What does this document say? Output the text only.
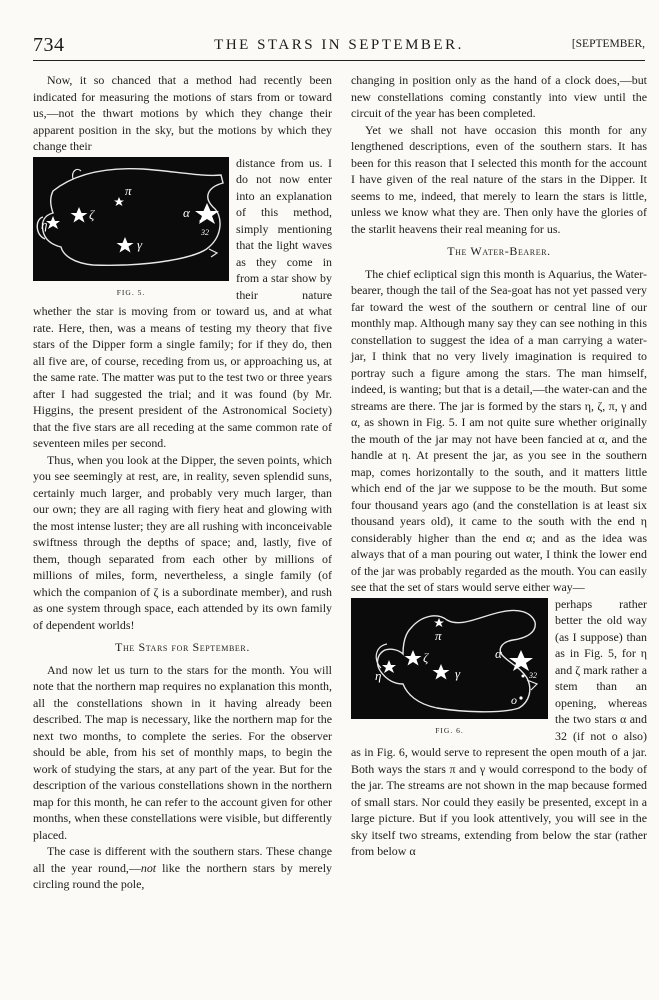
734	THE STARS IN SEPTEMBER.	[SEPTEMBER,

Now, it so chanced that a method had recently been indicated for measuring the motions of stars from or toward us,—not the thwart motions by which they change their apparent position in the sky, but the motions by which they change their

η
ζ
π
γ
α
32
FIG. 5.

distance from us. I do not now enter into an explanation of this method, simply mentioning that the light waves as they come in from a star show by their nature whether the star is moving from or toward us, and at what rate. Here, then, was a means of testing my theory that five stars of the Dipper form a single family; for if they do, then all five are, of course, receding from us, or approaching us, at the same rate. The matter was put to the test two or three years after I had suggested the trial; and it was found (by Mr. Higgins, the present president of the Astronomical Society) that the five stars are all receding at the same common rate of seventeen miles per second.

Thus, when you look at the Dipper, the seven points, which you see seemingly at rest, are, in reality, seven splendid suns, certainly much larger, and probably very much larger, than our own; they are all raging with fiery heat and glowing with the most intense luster; they are all rushing with inconceivable swiftness through the depths of space; and, lastly, five of them, though separated from each other by millions of millions of miles, form, nevertheless, a single family (of which the companion of ζ is a subordinate member), and rush as one system through space, each attended by its own family of dependent worlds!

The Stars for September.

And now let us turn to the stars for the month. You will note that the northern map requires no explanation this month, all the constellations shown in it having already been described. The map is necessary, like the northern map for the next two months, to complete the series. For the observer should be able, from his set of monthly maps, to begin the work of studying the stars, at any part of the year. But for the description of the various constellations shown in the northern map for this month, he can refer to the account given for other months, when these constellations were visible, but differently placed.

The case is different with the southern stars. These change all the year round,—not like the northern stars by merely circling round the pole,

changing in position only as the hand of a clock does,—but new constellations coming constantly into view until the circuit of the year has been completed.

Yet we shall not have occasion this month for any lengthened descriptions, even of the southern stars. It has been for this reason that I selected this month for the account I have given of the real nature of the stars in the Dipper. It seems to me, indeed, that merely to learn the stars is little, unless we know what they are. Then only have the glories of the starlit heavens their real meaning for us.

The Water-Bearer.

The chief ecliptical sign this month is Aquarius, the Water-bearer, though the tail of the Sea-goat has not yet passed very far toward the west of the southern or central line of our monthly map. Although many say they can see nothing in this constellation to suggest the idea of a man carrying a water-jar, I think that no very lively imagination is required to portray such a figure among the stars. The man himself, indeed, is wanting; but that is a detail,—the water-can and the streams are there. The jar is formed by the stars η, ζ, π, γ and α, as shown in Fig. 5. I am not quite sure whether originally the mouth of the jar may not have been fancied at α, and the handle at η. At present the jar, as you see in the southern map, comes horizontally to the south, and it matters little which end of the jar we suppose to be the mouth. But some four thousand years ago (and the constellation is at least six thousand years old), it came to the south with the end η considerably higher than the end α; and as the idea was always that of a man pouring out water, I think the lower end of the jar was probably regarded as the mouth. You can easily see that the set of stars would serve either way—

η
ζ
π
γ
α
32
o
FIG. 6.

perhaps rather better the old way (as I suppose) than as in Fig. 5, for η and ζ mark rather a stem than an opening, whereas the two stars α and 32 (if not o also) as in Fig. 6, would serve to represent the open mouth of a jar. Both ways the stars π and γ would correspond to the body of the jar. The streams are not shown in the map because formed of small stars. Nor could they easily be presented, except in a large picture. But if you look attentively, you will see in the sky itself two streams, extending from below the star (rather from below α
